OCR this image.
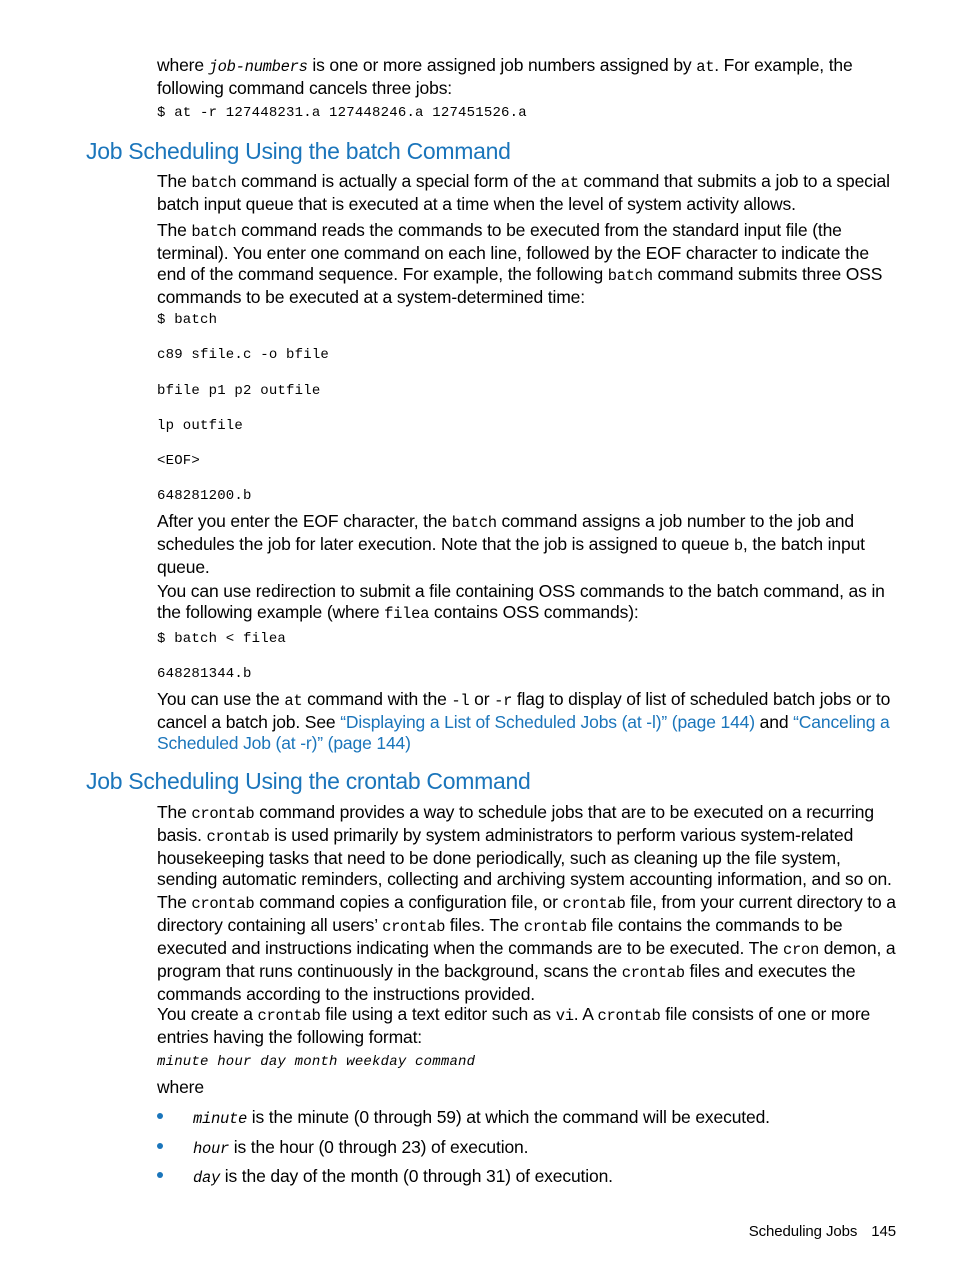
where job-numbers is one or more assigned job numbers assigned by at. For example, the following command cancels three jobs:

$ at -r 127448231.a 127448246.a 127451526.a
Job Scheduling Using the batch Command

The batch command is actually a special form of the at command that submits a job to a special batch input queue that is executed at a time when the level of system activity allows.

The batch command reads the commands to be executed from the standard input file (the terminal). You enter one command on each line, followed by the EOF character to indicate the end of the command sequence. For example, the following batch command submits three OSS commands to be executed at a system-determined time:

$ batch
c89 sfile.c -o bfile
bfile p1 p2 outfile
lp outfile
<EOF>
648281200.b

After you enter the EOF character, the batch command assigns a job number to the job and schedules the job for later execution. Note that the job is assigned to queue b, the batch input queue.

You can use redirection to submit a file containing OSS commands to the batch command, as in the following example (where filea contains OSS commands):

$ batch < filea
648281344.b

You can use the at command with the -l or -r flag to display of list of scheduled batch jobs or to cancel a batch job. See “Displaying a List of Scheduled Jobs (at -l)” (page 144) and “Canceling a Scheduled Job (at -r)” (page 144)

Job Scheduling Using the crontab Command

The crontab command provides a way to schedule jobs that are to be executed on a recurring basis. crontab is used primarily by system administrators to perform various system-related housekeeping tasks that need to be done periodically, such as cleaning up the file system, sending automatic reminders, collecting and archiving system accounting information, and so on.

The crontab command copies a configuration file, or crontab file, from your current directory to a directory containing all users’ crontab files. The crontab file contains the commands to be executed and instructions indicating when the commands are to be executed. The cron demon, a program that runs continuously in the background, scans the crontab files and executes the commands according to the instructions provided.

You create a crontab file using a text editor such as vi. A crontab file consists of one or more entries having the following format:

minute hour day month weekday command

where

minute is the minute (0 through 59) at which the command will be executed.
hour is the hour (0 through 23) of execution.
day is the day of the month (0 through 31) of execution.
Scheduling Jobs 145
